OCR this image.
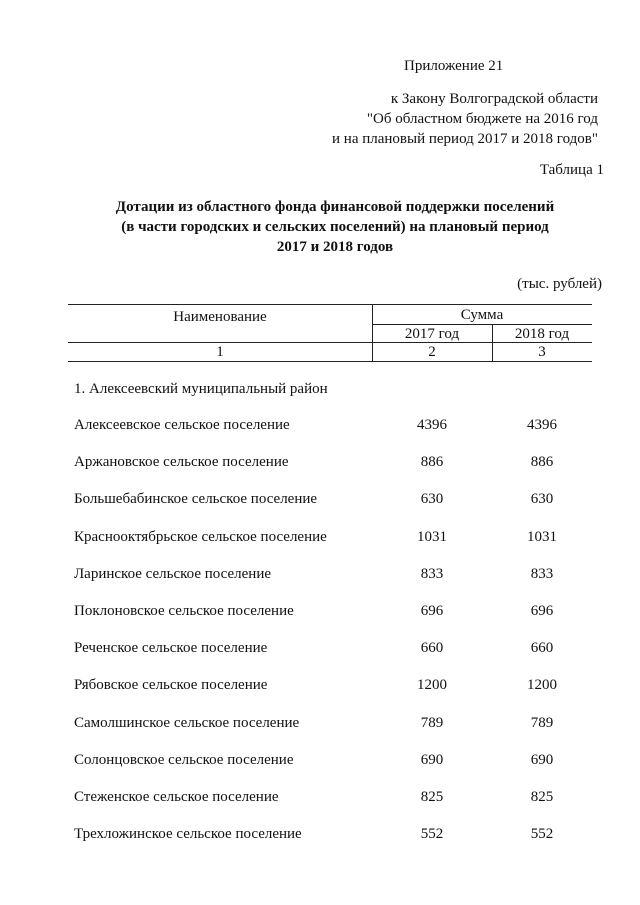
Приложение 21
к Закону Волгоградской области
"Об областном бюджете на 2016 год
и на плановый период 2017 и 2018 годов"
Таблица 1
Дотации из областного фонда финансовой поддержки поселений
(в части городских и сельских поселений) на плановый период
2017 и 2018 годов
(тыс. рублей)
Наименование	Сумма
2017 год	2018 год
1	2	3
1. Алексеевский муниципальный район
Алексеевское сельское поселение	4396	4396
Аржановское сельское поселение	886	886
Большебабинское сельское поселение	630	630
Краснооктябрьское сельское поселение	1031	1031
Ларинское сельское поселение	833	833
Поклоновское сельское поселение	696	696
Реченское сельское поселение	660	660
Рябовское сельское поселение	1200	1200
Самолшинское сельское поселение	789	789
Солонцовское сельское поселение	690	690
Стеженское сельское поселение	825	825
Трехложинское сельское поселение	552	552
